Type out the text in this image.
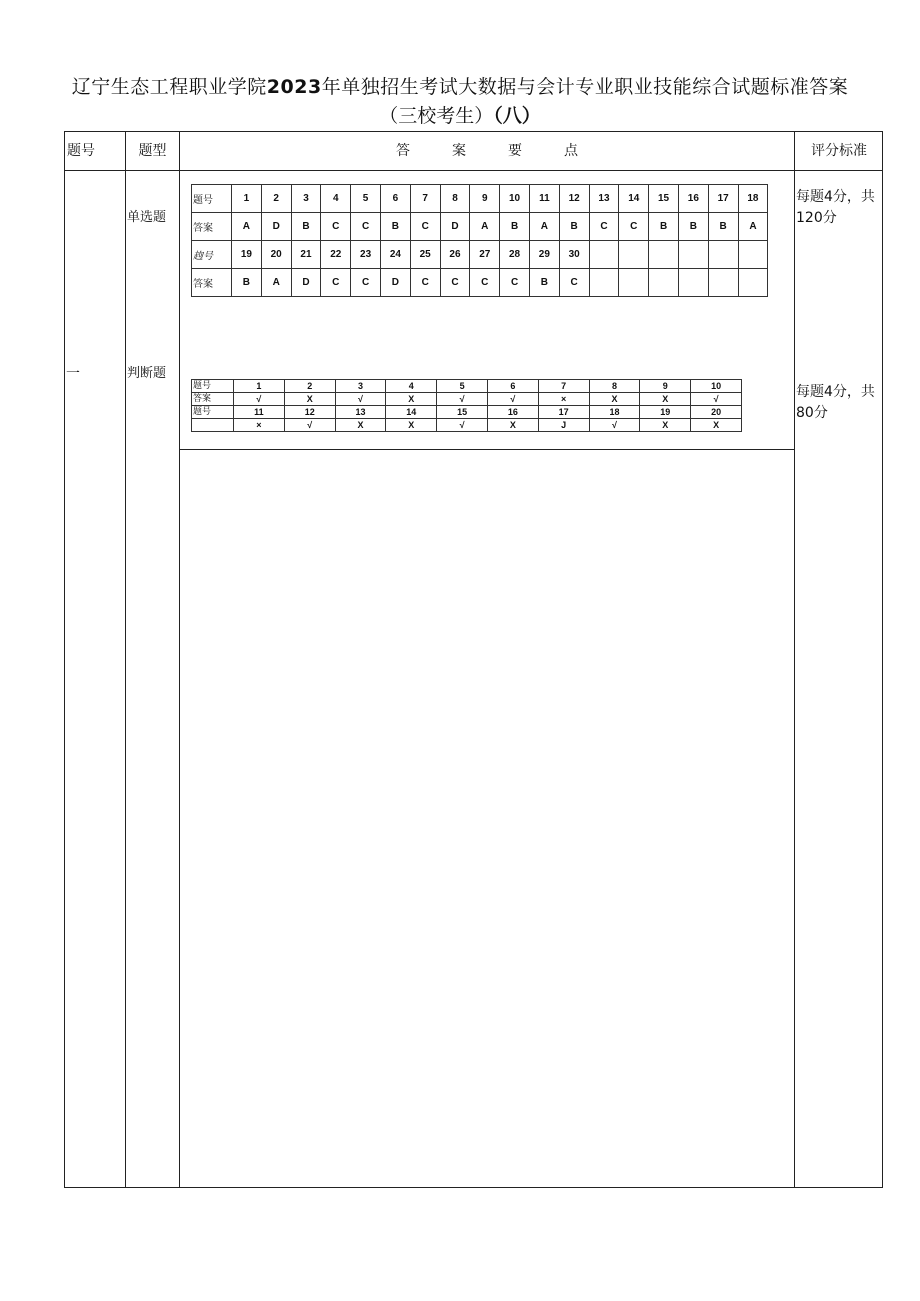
辽宁生态工程职业学院2023年单独招生考试大数据与会计专业职业技能综合试题标准答案
（三校考生）（八）
题号	题型	答　　　案　　　要　　　点	评分标准
一
单选题
判断题
每题4分，共120分
每题4分，共80分
题号	1	2	3	4	5	6	7	8	9	10	11	12	13	14	15	16	17	18
答案	A	D	B	C	C	B	C	D	A	B	A	B	C	C	B	B	B	A
䞤号	19	20	21	22	23	24	25	26	27	28	29	30						
答案	B	A	D	C	C	D	C	C	C	C	B	C						
题号	1	2	3	4	5	6	7	8	9	10
答案	√	X	√	X	√	√	×	X	X	√
题号	11	12	13	14	15	16	17	18	19	20
	×	√	X	X	√	X	J	√	X	X
